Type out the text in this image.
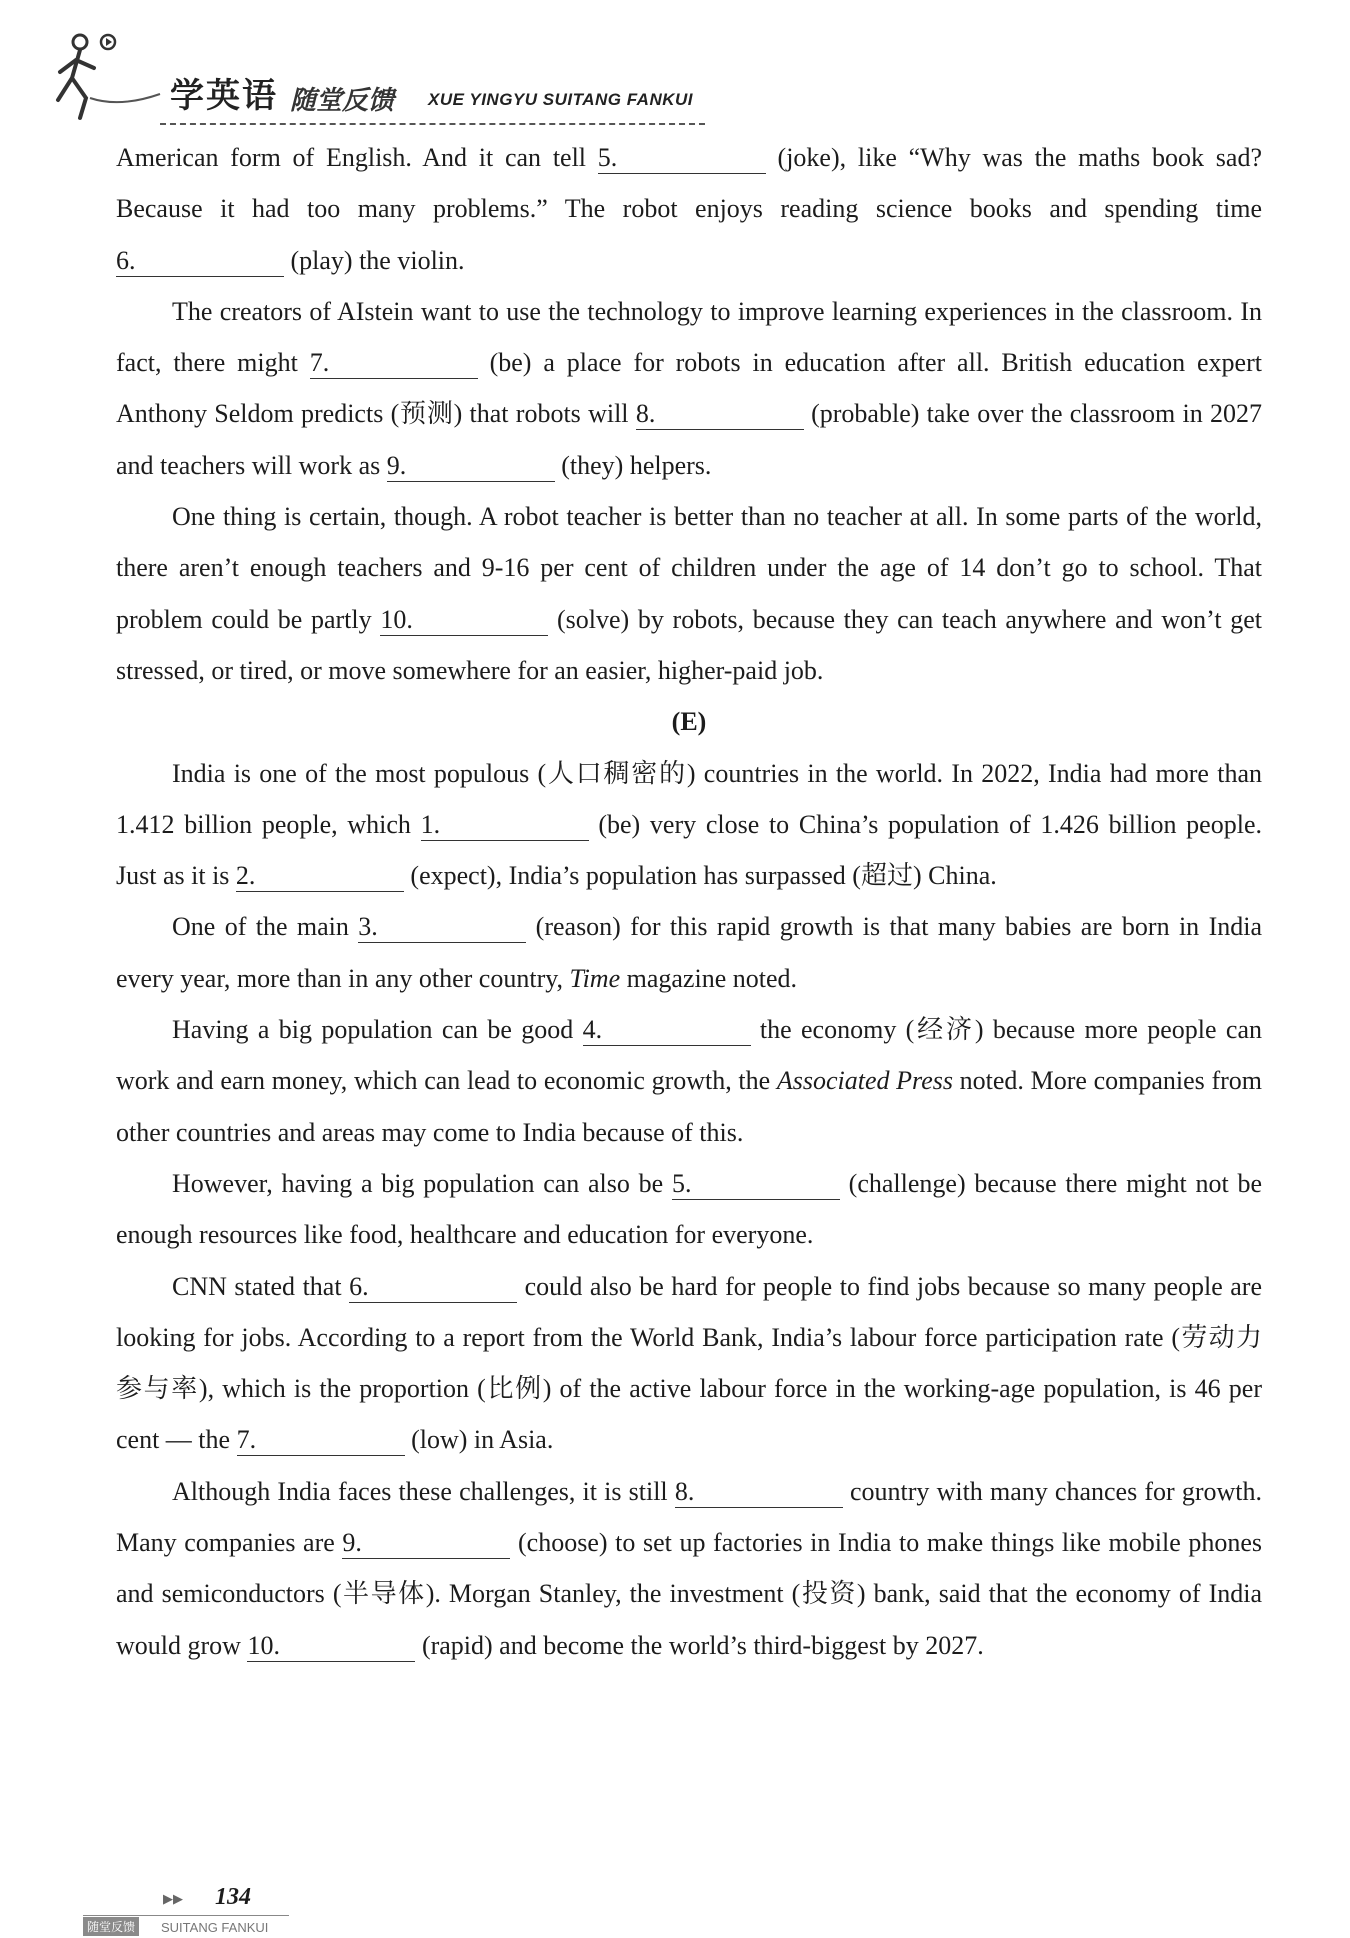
学英语 随堂反馈 XUE YINGYU SUITANG FANKUI

American form of English. And it can tell 5.	(joke), like “Why was the maths book sad? Because it had too many problems.” The robot enjoys reading science books and spending time 6.	(play) the violin.

The creators of AIstein want to use the technology to improve learning experiences in the classroom. In fact, there might 7.	(be) a place for robots in education after all. British education expert Anthony Seldom predicts (预测) that robots will 8.	(probable) take over the classroom in 2027 and teachers will work as 9.	(they) helpers.

One thing is certain, though. A robot teacher is better than no teacher at all. In some parts of the world, there aren’t enough teachers and 9-16 per cent of children under the age of 14 don’t go to school. That problem could be partly 10.	(solve) by robots, because they can teach anywhere and won’t get stressed, or tired, or move somewhere for an easier, higher-paid job.

(E)

India is one of the most populous (人口稠密的) countries in the world. In 2022, India had more than 1.412 billion people, which 1.	(be) very close to China’s population of 1.426 billion people. Just as it is 2.	(expect), India’s population has surpassed (超过) China.

One of the main 3.	(reason) for this rapid growth is that many babies are born in India every year, more than in any other country, Time magazine noted.

Having a big population can be good 4.	the economy (经济) because more people can work and earn money, which can lead to economic growth, the Associated Press noted. More companies from other countries and areas may come to India because of this.

However, having a big population can also be 5.	(challenge) because there might not be enough resources like food, healthcare and education for everyone.

CNN stated that 6.	could also be hard for people to find jobs because so many people are looking for jobs. According to a report from the World Bank, India’s labour force participation rate (劳动力参与率), which is the proportion (比例) of the active labour force in the working-age population, is 46 per cent — the 7.	(low) in Asia.

Although India faces these challenges, it is still 8.	country with many chances for growth. Many companies are 9.	(choose) to set up factories in India to make things like mobile phones and semiconductors (半导体). Morgan Stanley, the investment (投资) bank, said that the economy of India would grow 10.	(rapid) and become the world’s third-biggest by 2027.

▶▶ 134
随堂反馈	SUITANG FANKUI
